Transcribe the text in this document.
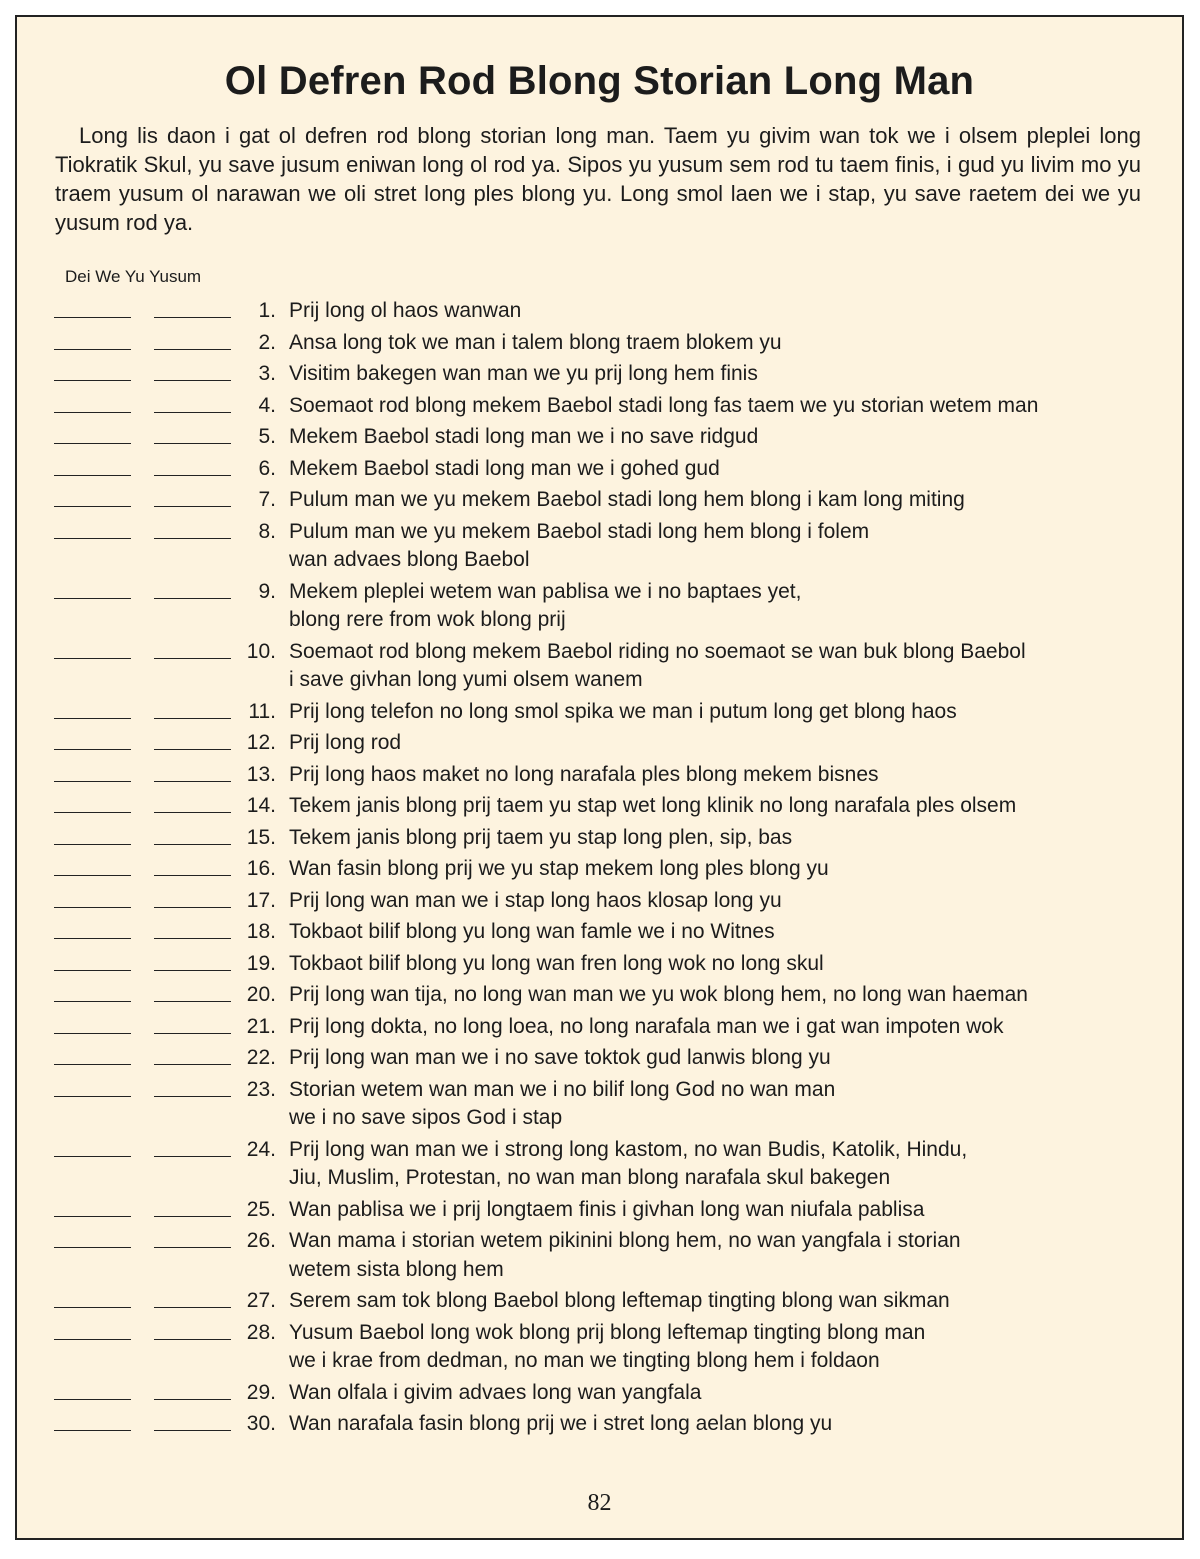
Ol Defren Rod Blong Storian Long Man

Long lis daon i gat ol defren rod blong storian long man. Taem yu givim wan tok we i olsem pleplei long Tiokratik Skul, yu save jusum eniwan long ol rod ya. Sipos yu yusum sem rod tu taem finis, i gud yu livim mo yu traem yusum ol narawan we oli stret long ples blong yu. Long smol laen we i stap, yu save raetem dei we yu yusum rod ya.

Dei We Yu Yusum
1. Prij long ol haos wanwan
2. Ansa long tok we man i talem blong traem blokem yu
3. Visitim bakegen wan man we yu prij long hem finis
4. Soemaot rod blong mekem Baebol stadi long fas taem we yu storian wetem man
5. Mekem Baebol stadi long man we i no save ridgud
6. Mekem Baebol stadi long man we i gohed gud
7. Pulum man we yu mekem Baebol stadi long hem blong i kam long miting
8. Pulum man we yu mekem Baebol stadi long hem blong i folem
wan advaes blong Baebol
9. Mekem pleplei wetem wan pablisa we i no baptaes yet,
blong rere from wok blong prij
10. Soemaot rod blong mekem Baebol riding no soemaot se wan buk blong Baebol
i save givhan long yumi olsem wanem
11. Prij long telefon no long smol spika we man i putum long get blong haos
12. Prij long rod
13. Prij long haos maket no long narafala ples blong mekem bisnes
14. Tekem janis blong prij taem yu stap wet long klinik no long narafala ples olsem
15. Tekem janis blong prij taem yu stap long plen, sip, bas
16. Wan fasin blong prij we yu stap mekem long ples blong yu
17. Prij long wan man we i stap long haos klosap long yu
18. Tokbaot bilif blong yu long wan famle we i no Witnes
19. Tokbaot bilif blong yu long wan fren long wok no long skul
20. Prij long wan tija, no long wan man we yu wok blong hem, no long wan haeman
21. Prij long dokta, no long loea, no long narafala man we i gat wan impoten wok
22. Prij long wan man we i no save toktok gud lanwis blong yu
23. Storian wetem wan man we i no bilif long God no wan man
we i no save sipos God i stap
24. Prij long wan man we i strong long kastom, no wan Budis, Katolik, Hindu,
Jiu, Muslim, Protestan, no wan man blong narafala skul bakegen
25. Wan pablisa we i prij longtaem finis i givhan long wan niufala pablisa
26. Wan mama i storian wetem pikinini blong hem, no wan yangfala i storian
wetem sista blong hem
27. Serem sam tok blong Baebol blong leftemap tingting blong wan sikman
28. Yusum Baebol long wok blong prij blong leftemap tingting blong man
we i krae from dedman, no man we tingting blong hem i foldaon
29. Wan olfala i givim advaes long wan yangfala
30. Wan narafala fasin blong prij we i stret long aelan blong yu
82
